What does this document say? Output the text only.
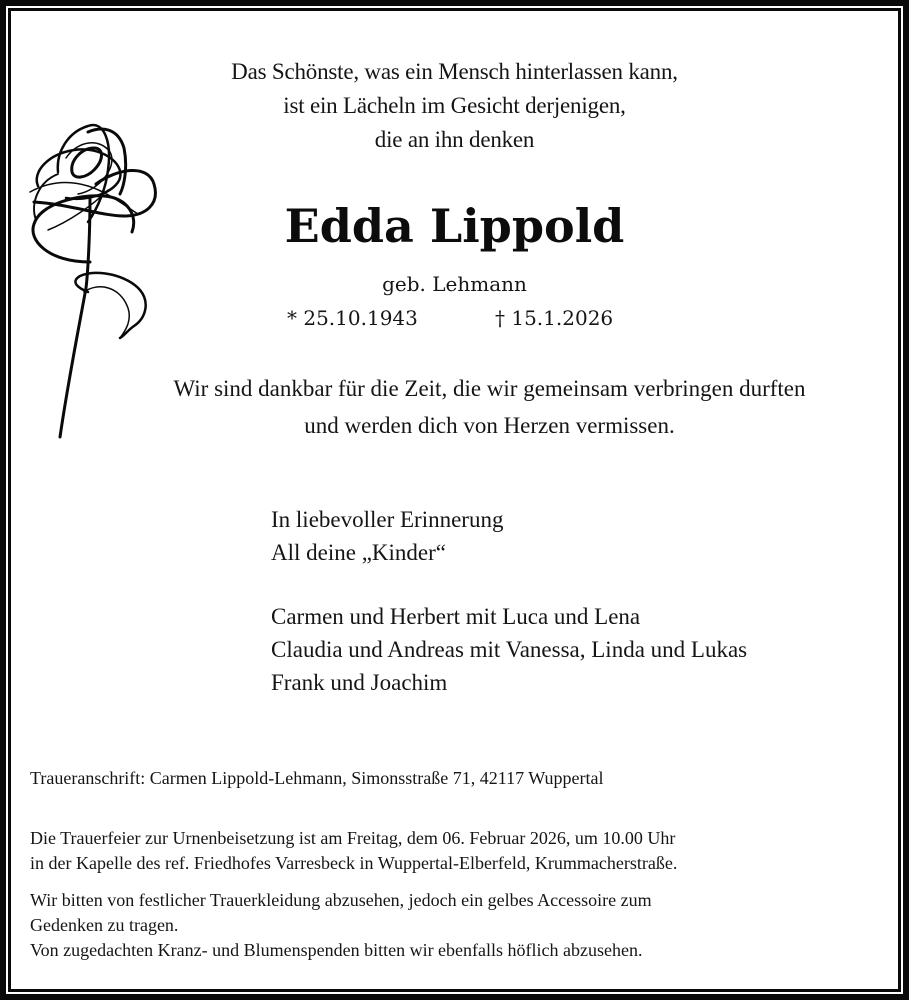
Das Schönste, was ein Mensch hinterlassen kann,
ist ein Lächeln im Gesicht derjenigen,
die an ihn denken
Edda Lippold
geb. Lehmann
* 25.10.1943	† 15.1.2026
Wir sind dankbar für die Zeit, die wir gemeinsam verbringen durften
und werden dich von Herzen vermissen.
In liebevoller Erinnerung
All deine „Kinder“
Carmen und Herbert mit Luca und Lena
Claudia und Andreas mit Vanessa, Linda und Lukas
Frank und Joachim
Traueranschrift: Carmen Lippold-Lehmann, Simonsstraße 71, 42117 Wuppertal
Die Trauerfeier zur Urnenbeisetzung ist am Freitag, dem 06. Februar 2026, um 10.00 Uhr
in der Kapelle des ref. Friedhofes Varresbeck in Wuppertal-Elberfeld, Krummacherstraße.
Wir bitten von festlicher Trauerkleidung abzusehen, jedoch ein gelbes Accessoire zum
Gedenken zu tragen.
Von zugedachten Kranz- und Blumenspenden bitten wir ebenfalls höflich abzusehen.
